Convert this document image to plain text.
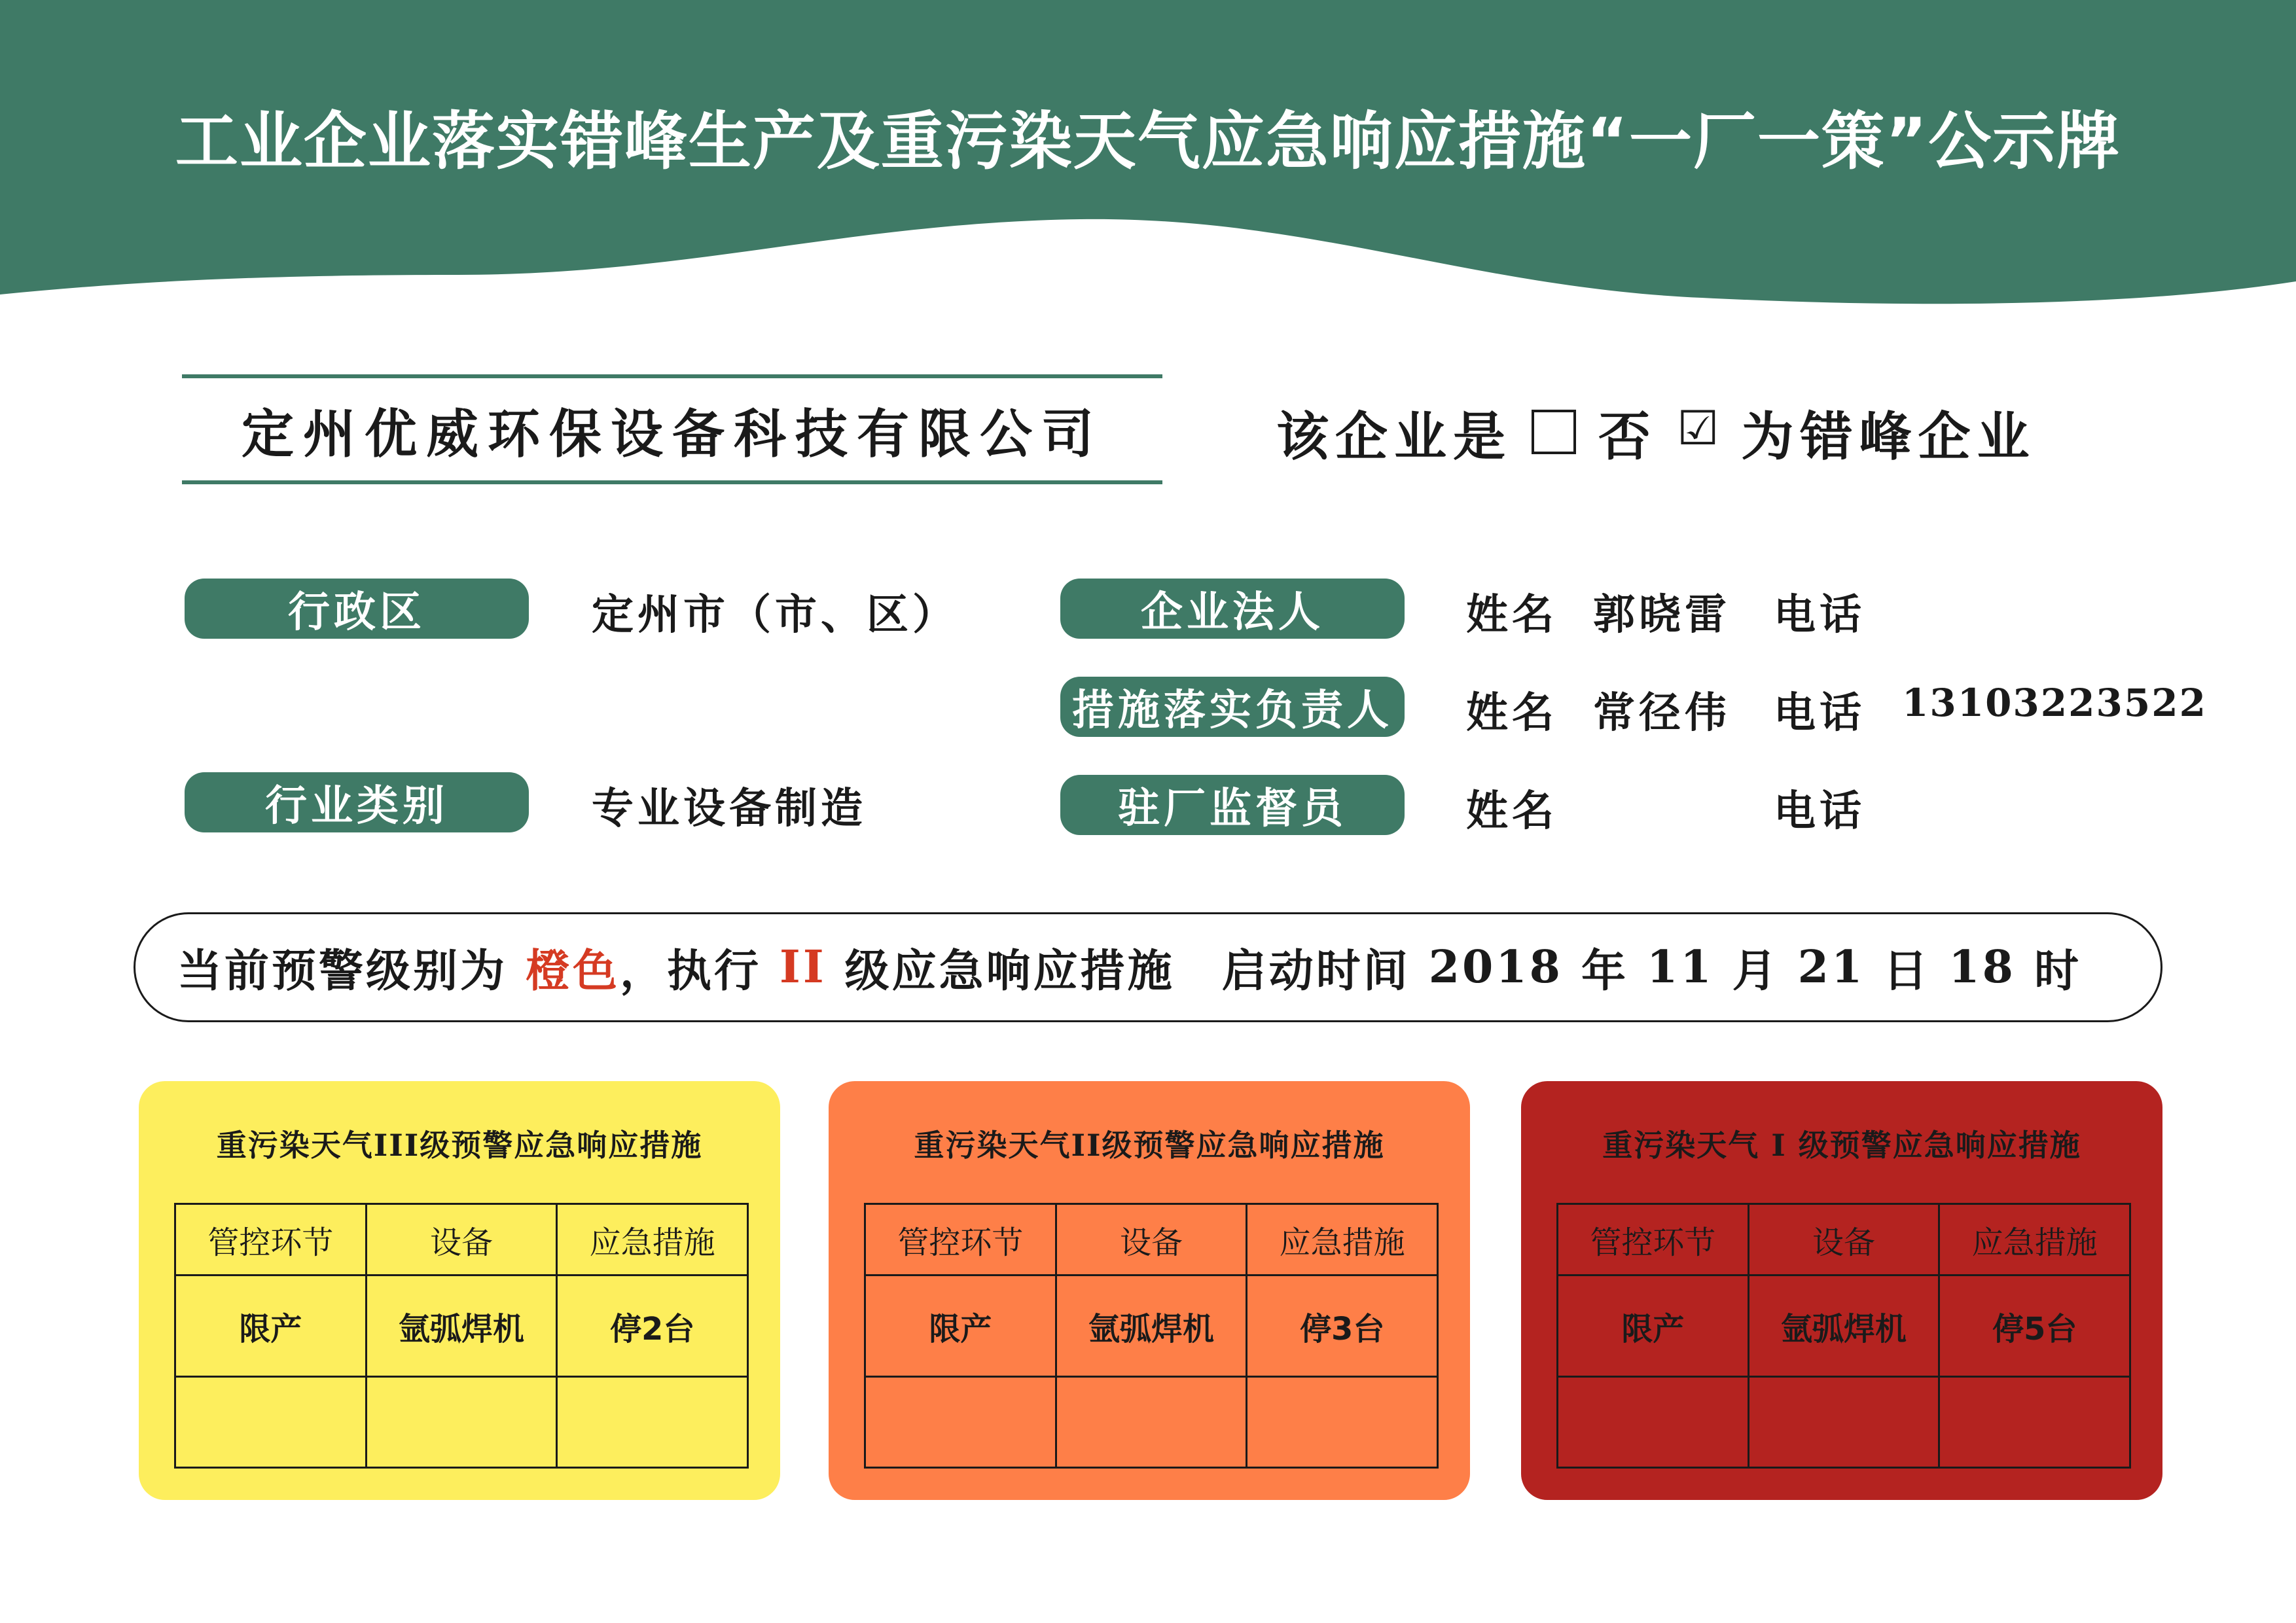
工业企业落实错峰生产及重污染天气应急响应措施“一厂一策”公示牌
定州优威环保设备科技有限公司	该企业是 否 ☑ 为错峰企业
行政区	定州市（市、区）
行业类别	专业设备制造
企业法人	姓名 郭晓雷 电话
措施落实负责人 姓名 常径伟 电话 13103223522
驻厂监督员	姓名	电话
当前预警级别为 橙色 ，执行 II 级应急响应措施 启动时间 2018 年 11 月 21 日 18 时
重污染天气III级预警应急响应措施
管控环节	设备	应急措施
限产	氩弧焊机	停2台

重污染天气II级预警应急响应措施
管控环节	设备	应急措施
限产	氩弧焊机	停3台

重污染天气 I 级预警应急响应措施
管控环节	设备	应急措施
限产	氩弧焊机	停5台
